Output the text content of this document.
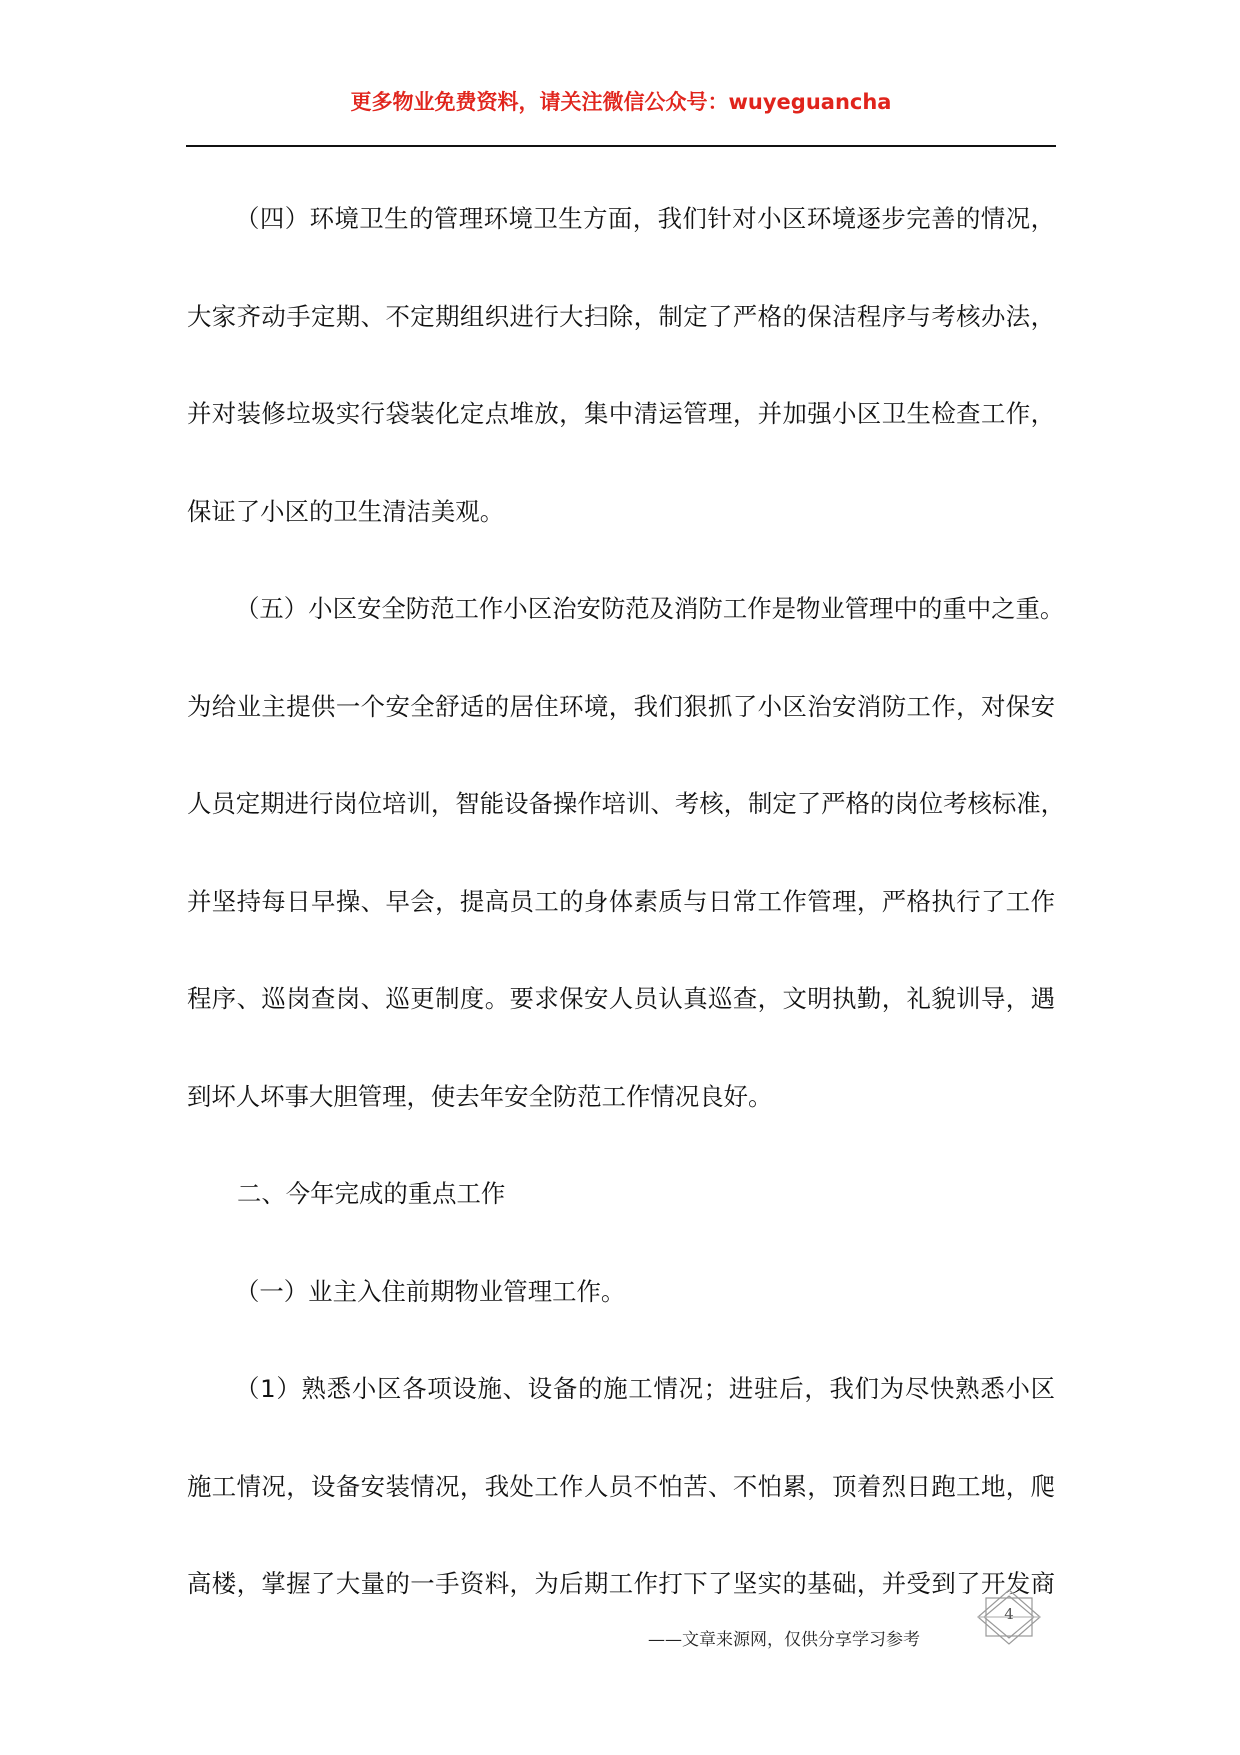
更多物业免费资料，请关注微信公众号：wuyeguancha
（四）环境卫生的管理环境卫生方面，我们针对小区环境逐步完善的情况，
大家齐动手定期、不定期组织进行大扫除，制定了严格的保洁程序与考核办法，
并对装修垃圾实行袋装化定点堆放，集中清运管理，并加强小区卫生检查工作，
保证了小区的卫生清洁美观。
（五）小区安全防范工作小区治安防范及消防工作是物业管理中的重中之重。
为给业主提供一个安全舒适的居住环境，我们狠抓了小区治安消防工作，对保安
人员定期进行岗位培训，智能设备操作培训、考核，制定了严格的岗位考核标准，
并坚持每日早操、早会，提高员工的身体素质与日常工作管理，严格执行了工作
程序、巡岗查岗、巡更制度。要求保安人员认真巡查，文明执勤，礼貌训导，遇
到坏人坏事大胆管理，使去年安全防范工作情况良好。
二、今年完成的重点工作
（一）业主入住前期物业管理工作。
（1）熟悉小区各项设施、设备的施工情况；进驻后，我们为尽快熟悉小区
施工情况，设备安装情况，我处工作人员不怕苦、不怕累，顶着烈日跑工地，爬
高楼，掌握了大量的一手资料，为后期工作打下了坚实的基础，并受到了开发商
——文章来源网，仅供分享学习参考
4
